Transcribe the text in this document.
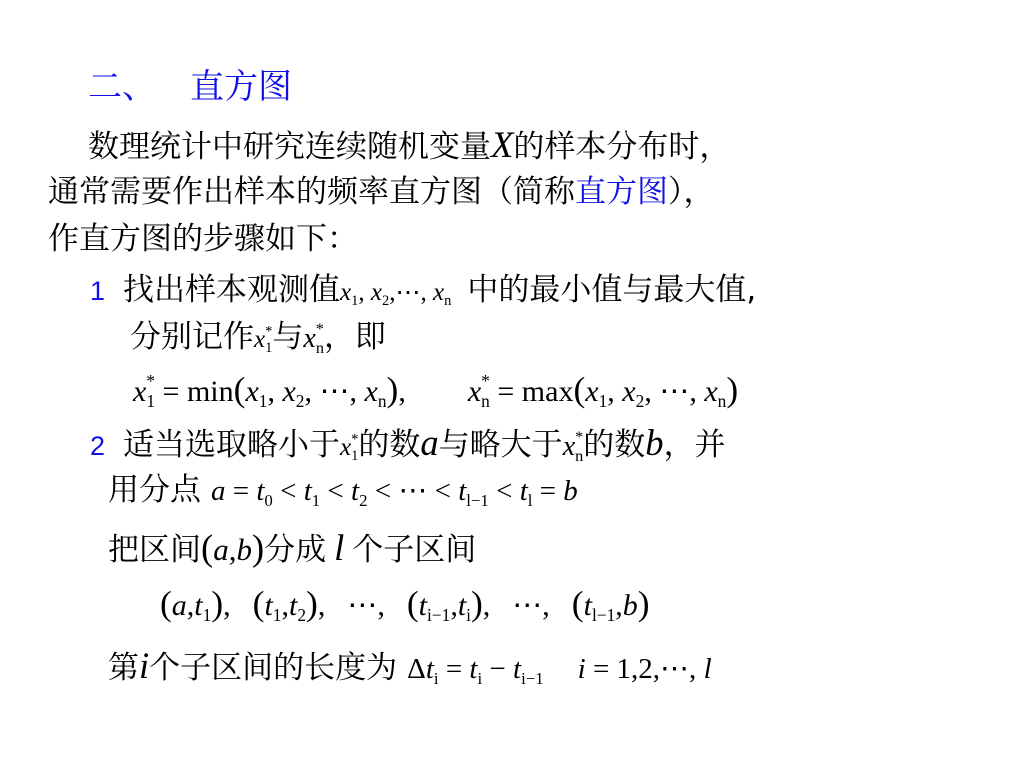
二、 直方图
数理统计中研究连续随机变量X的样本分布时，
通常需要作出样本的频率直方图（简称直方图），
作直方图的步骤如下：
1 找出样本观测值$x_1$, $x_2,\cdots$, $x_n$ 中的最小值与最大值,
分别记作$x^*_1$与$x^*_n$，即
$x^*_1 = \min(x_1$, $x_2$, ⋯, $x_n$), $x^*_n = \max(x_1$, $x_2$, ⋯, $x_n$)
2 适当选取略小于$x^*_1$的数a与略大于$x^*_n$的数b，并
用分点 $a = t_0 < t_1 < t_2$ < ⋯ < $t_{l-1} < t_l = b$
把区间(a,b)分成 l 个子区间
$(a,t_1)$, $(t_1,t_2)$, ⋯, $(t_{i-1},t_i)$, ⋯, $(t_{l-1},b)$
第i个子区间的长度为 $\Delta t_i = t_i - t_{i-1}$ i = 1,2,⋯, l
